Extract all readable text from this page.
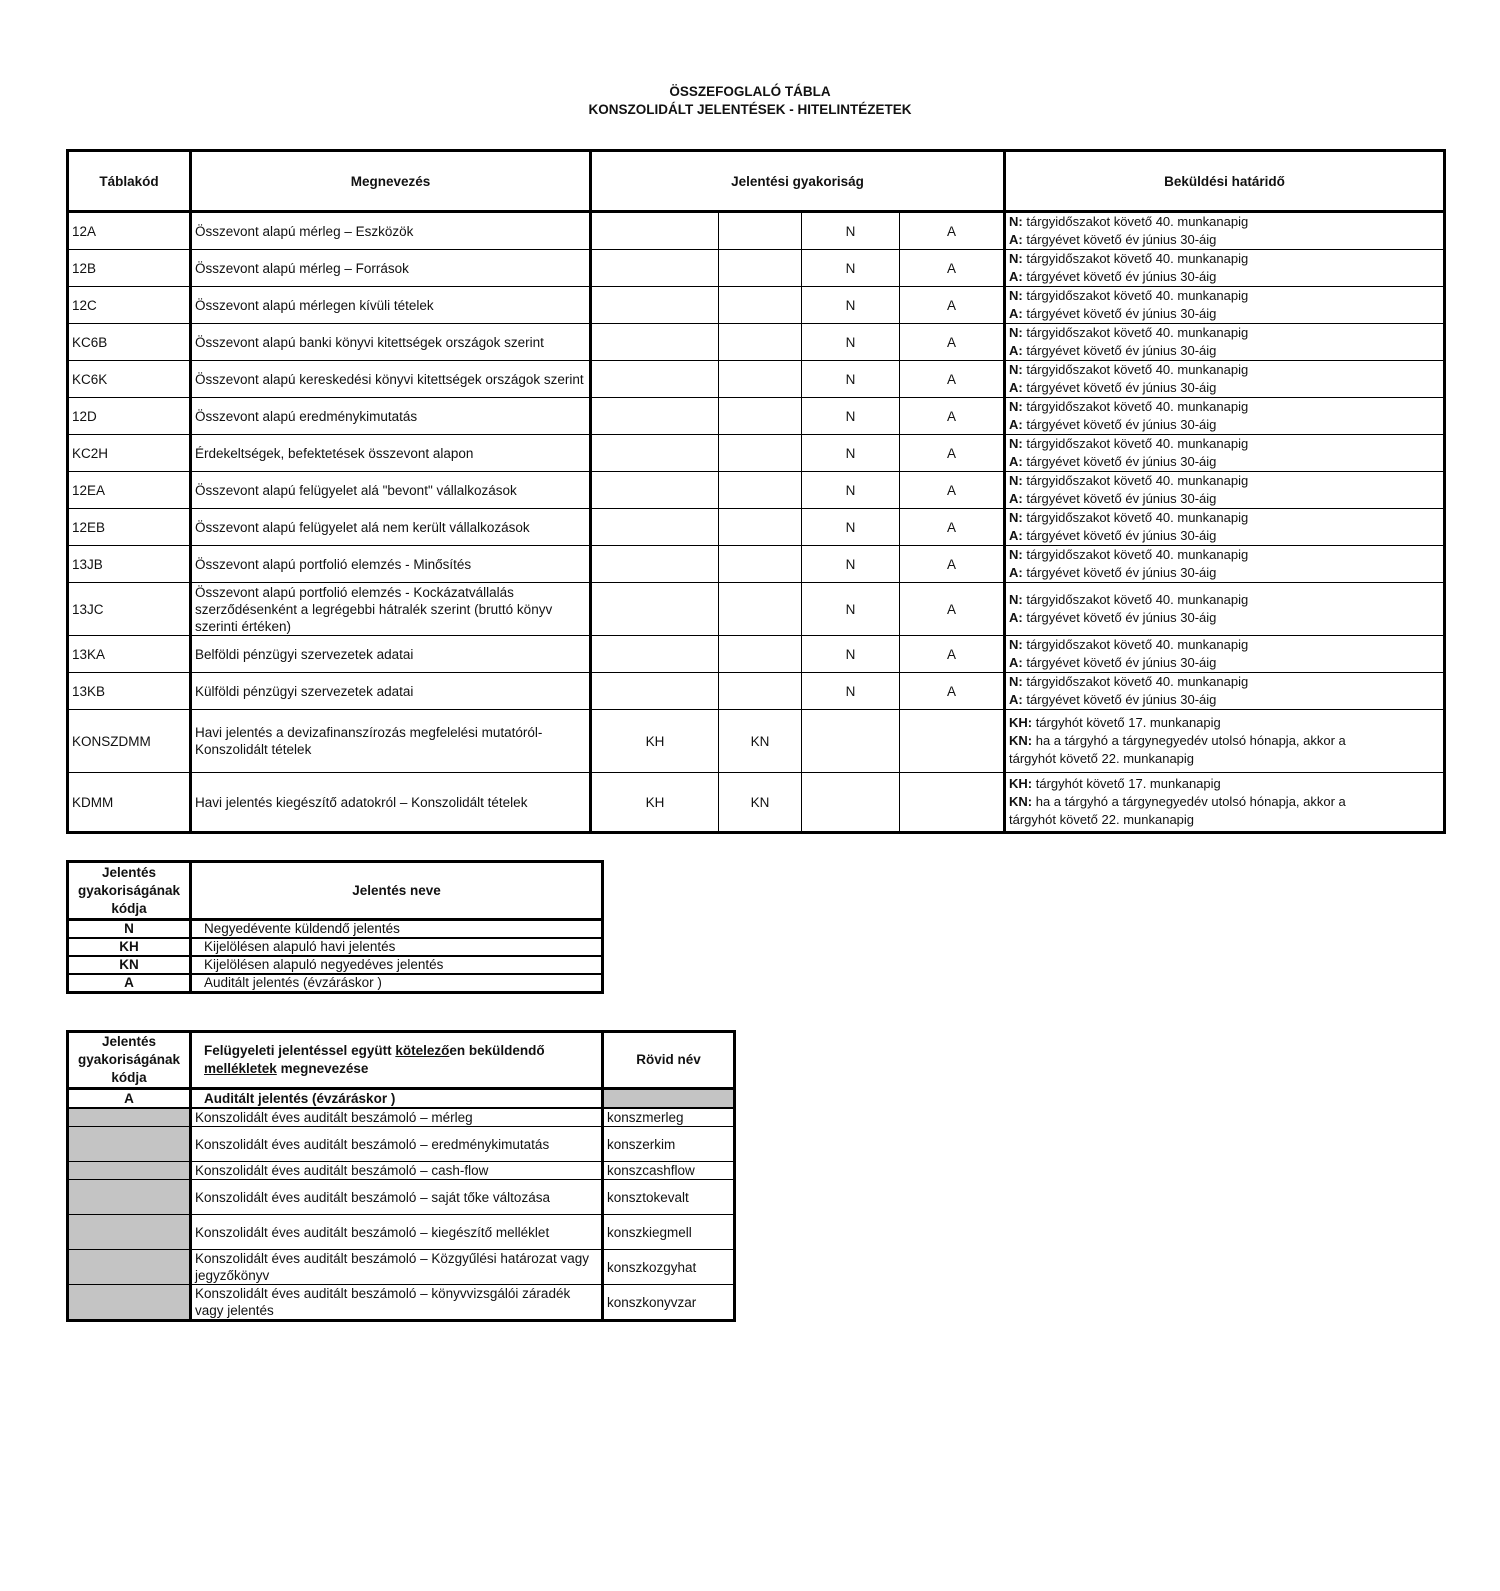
ÖSSZEFOGLALÓ TÁBLA
KONSZOLIDÁLT JELENTÉSEK - HITELINTÉZETEK
Táblakód	Megnevezés	Jelentési gyakoriság				Beküldési határidő
12A	Összevont alapú mérleg – Eszközök			N	A	N: tárgyidőszakot követő 40. munkanapig
A: tárgyévet követő év június 30-áig

12B	Összevont alapú mérleg – Források			N	A	N: tárgyidőszakot követő 40. munkanapig
A: tárgyévet követő év június 30-áig

12C	Összevont alapú mérlegen kívüli tételek			N	A	N: tárgyidőszakot követő 40. munkanapig
A: tárgyévet követő év június 30-áig

KC6B	Összevont alapú banki könyvi kitettségek országok szerint			N	A	N: tárgyidőszakot követő 40. munkanapig
A: tárgyévet követő év június 30-áig

KC6K	Összevont alapú kereskedési könyvi kitettségek országok szerint			N	A	N: tárgyidőszakot követő 40. munkanapig
A: tárgyévet követő év június 30-áig

12D	Összevont alapú eredménykimutatás			N	A	N: tárgyidőszakot követő 40. munkanapig
A: tárgyévet követő év június 30-áig

KC2H	Érdekeltségek, befektetések összevont alapon			N	A	N: tárgyidőszakot követő 40. munkanapig
A: tárgyévet követő év június 30-áig

12EA	Összevont alapú felügyelet alá "bevont" vállalkozások			N	A	N: tárgyidőszakot követő 40. munkanapig
A: tárgyévet követő év június 30-áig

12EB	Összevont alapú felügyelet alá nem került vállalkozások			N	A	N: tárgyidőszakot követő 40. munkanapig
A: tárgyévet követő év június 30-áig

13JB	Összevont alapú portfolió elemzés - Minősítés			N	A	N: tárgyidőszakot követő 40. munkanapig
A: tárgyévet követő év június 30-áig

13JC	Összevont alapú portfolió elemzés - Kockázatvállalás szerződésenként a legrégebbi hátralék szerint (bruttó könyv szerinti értéken)			N	A	N: tárgyidőszakot követő 40. munkanapig
A: tárgyévet követő év június 30-áig

13KA	Belföldi pénzügyi szervezetek adatai			N	A	N: tárgyidőszakot követő 40. munkanapig
A: tárgyévet követő év június 30-áig

13KB	Külföldi pénzügyi szervezetek adatai			N	A	N: tárgyidőszakot követő 40. munkanapig
A: tárgyévet követő év június 30-áig

KONSZDMM	Havi jelentés a devizafinanszírozás megfelelési mutatóról- Konszolidált tételek	KH	KN			KH: tárgyhót követő 17. munkanapig
KN: ha a tárgyhó a tárgynegyedév utolsó hónapja, akkor a
tárgyhót követő 22. munkanapig

KDMM	Havi jelentés kiegészítő adatokról – Konszolidált tételek	KH	KN			KH: tárgyhót követő 17. munkanapig
KN: ha a tárgyhó a tárgynegyedév utolsó hónapja, akkor a
tárgyhót követő 22. munkanapig
Jelentés gyakoriságának kódja	Jelentés neve
N	Negyedévente küldendő jelentés
KH	Kijelölésen alapuló havi jelentés
KN	Kijelölésen alapuló negyedéves jelentés
A	Auditált jelentés (évzáráskor )
Jelentés gyakoriságának kódja	Felügyeleti jelentéssel együtt kötelezően beküldendő mellékletek megnevezése	Rövid név
A	Auditált jelentés (évzáráskor )	
	Konszolidált éves auditált beszámoló – mérleg	konszmerleg
	Konszolidált éves auditált beszámoló – eredménykimutatás	konszerkim
	Konszolidált éves auditált beszámoló – cash-flow	konszcashflow
	Konszolidált éves auditált beszámoló – saját tőke változása	konsztokevalt
	Konszolidált éves auditált beszámoló – kiegészítő melléklet	konszkiegmell
	Konszolidált éves auditált beszámoló – Közgyűlési határozat vagy jegyzőkönyv	konszkozgyhat
	Konszolidált éves auditált beszámoló – könyvvizsgálói záradék vagy jelentés	konszkonyvzar
